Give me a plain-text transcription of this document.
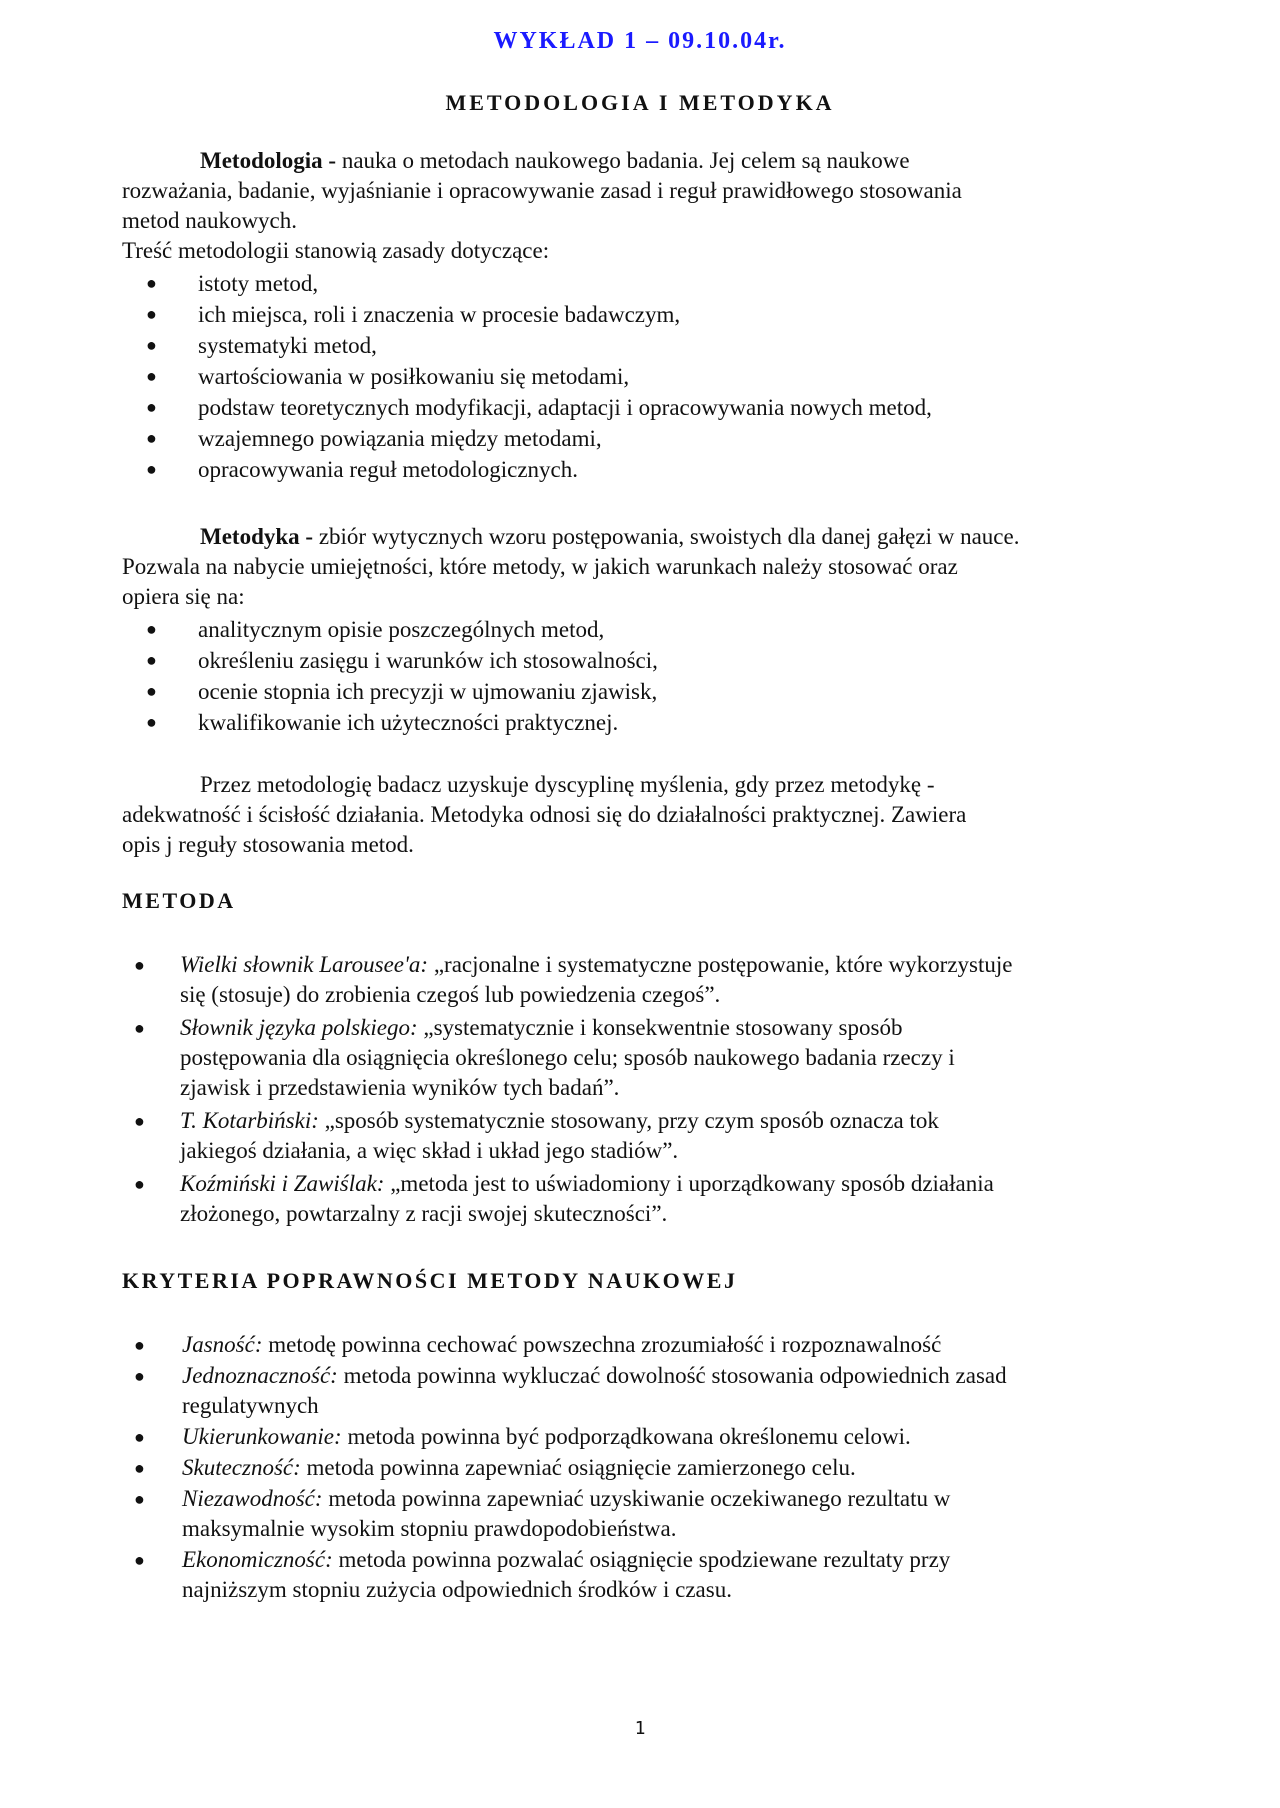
WYKŁAD 1 – 09.10.04r.
METODOLOGIA I METODYKA

Metodologia - nauka o metodach naukowego badania. Jej celem są naukowe
rozważania, badanie, wyjaśnianie i opracowywanie zasad i reguł prawidłowego stosowania
metod naukowych.
Treść metodologii stanowią zasady dotyczące:

● istoty metod,
● ich miejsca, roli i znaczenia w procesie badawczym,
● systematyki metod,
● wartościowania w posiłkowaniu się metodami,
● podstaw teoretycznych modyfikacji, adaptacji i opracowywania nowych metod,
● wzajemnego powiązania między metodami,
● opracowywania reguł metodologicznych.

Metodyka - zbiór wytycznych wzoru postępowania, swoistych dla danej gałęzi w nauce.
Pozwala na nabycie umiejętności, które metody, w jakich warunkach należy stosować oraz
opiera się na:

● analitycznym opisie poszczególnych metod,
● określeniu zasięgu i warunków ich stosowalności,
● ocenie stopnia ich precyzji w ujmowaniu zjawisk,
● kwalifikowanie ich użyteczności praktycznej.

Przez metodologię badacz uzyskuje dyscyplinę myślenia, gdy przez metodykę -
adekwatność i ścisłość działania. Metodyka odnosi się do działalności praktycznej. Zawiera
opis j reguły stosowania metod.

METODA
● Wielki słownik Larousee'a: „racjonalne i systematyczne postępowanie, które wykorzystuje
się (stosuje) do zrobienia czegoś lub powiedzenia czegoś”.
● Słownik języka polskiego: „systematycznie i konsekwentnie stosowany sposób
postępowania dla osiągnięcia określonego celu; sposób naukowego badania rzeczy i
zjawisk i przedstawienia wyników tych badań”.
● T. Kotarbiński: „sposób systematycznie stosowany, przy czym sposób oznacza tok
jakiegoś działania, a więc skład i układ jego stadiów”.
● Koźmiński i Zawiślak: „metoda jest to uświadomiony i uporządkowany sposób działania
złożonego, powtarzalny z racji swojej skuteczności”.
KRYTERIA POPRAWNOŚCI METODY NAUKOWEJ
● Jasność: metodę powinna cechować powszechna zrozumiałość i rozpoznawalność
● Jednoznaczność: metoda powinna wykluczać dowolność stosowania odpowiednich zasad
regulatywnych
● Ukierunkowanie: metoda powinna być podporządkowana określonemu celowi.
● Skuteczność: metoda powinna zapewniać osiągnięcie zamierzonego celu.
● Niezawodność: metoda powinna zapewniać uzyskiwanie oczekiwanego rezultatu w
maksymalnie wysokim stopniu prawdopodobieństwa.
● Ekonomiczność: metoda powinna pozwalać osiągnięcie spodziewane rezultaty przy
najniższym stopniu zużycia odpowiednich środków i czasu.
1
